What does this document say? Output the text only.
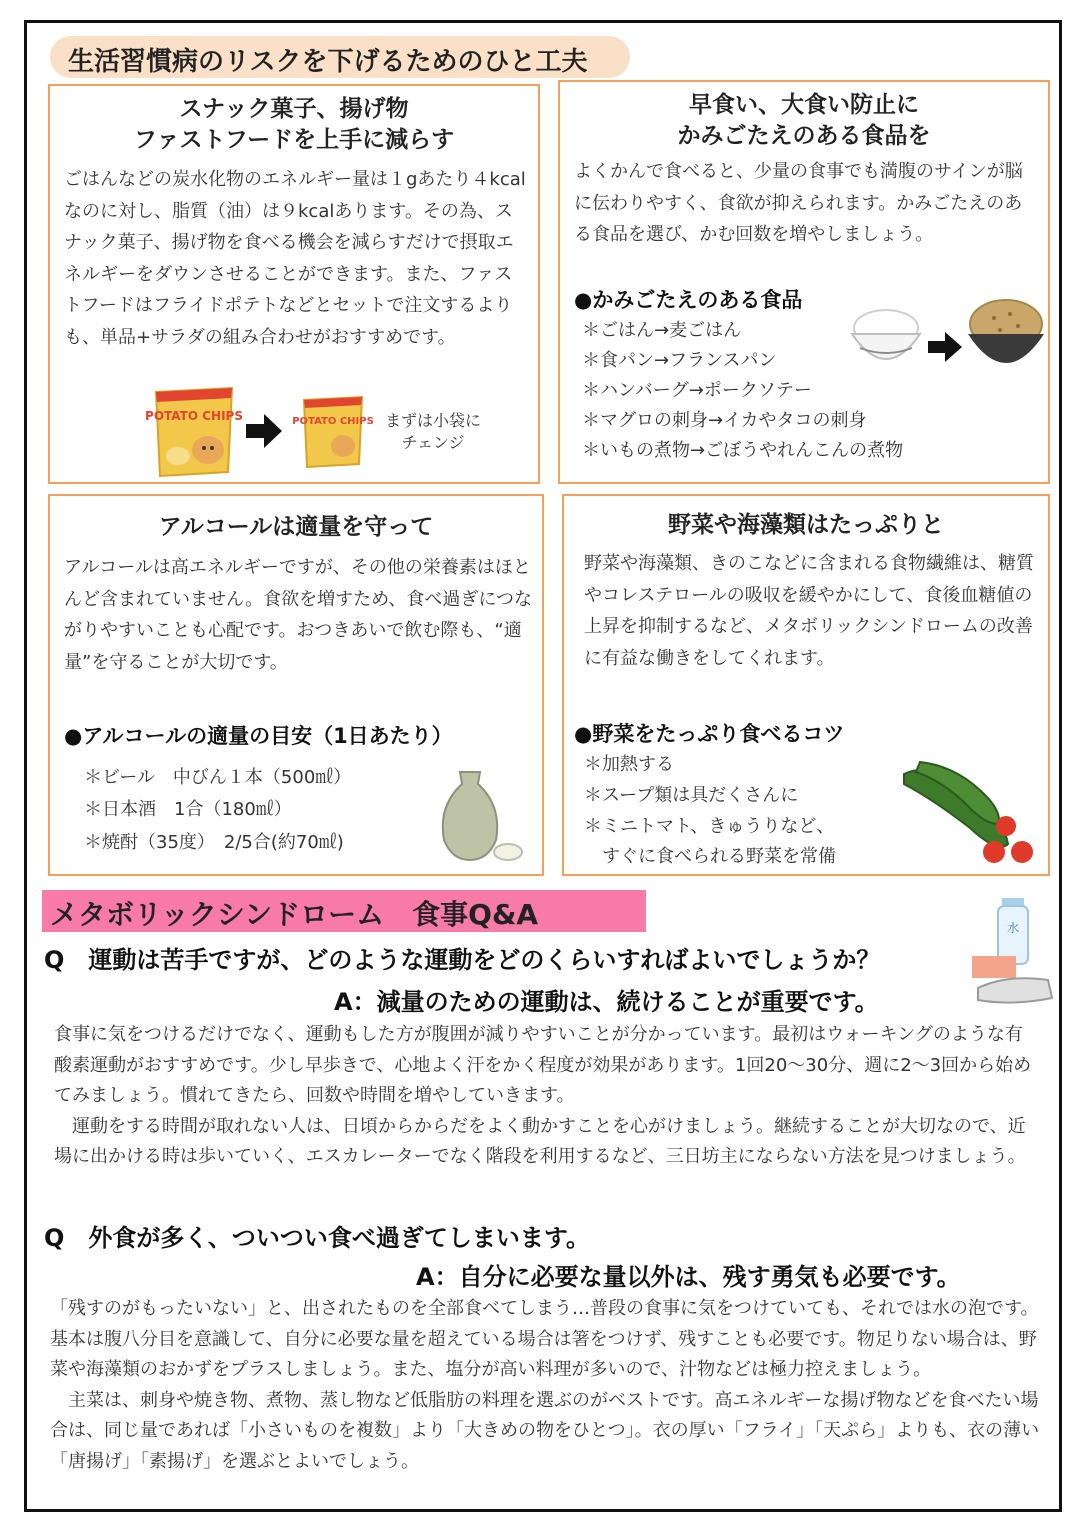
生活習慣病のリスクを下げるためのひと工夫
スナック菓子、揚げ物
ファストフードを上手に減らす
ごはんなどの炭水化物のエネルギー量は１gあたり４kcalなのに対し、脂質（油）は９kcalあります。その為、スナック菓子、揚げ物を食べる機会を減らすだけで摂取エネルギーをダウンさせることができます。また、ファストフードはフライドポテトなどとセットで注文するよりも、単品+サラダの組み合わせがおすすめです。
POTATO CHIPS	POTATO CHIPS まずは小袋に
チェンジ
早食い、大食い防止に
かみごたえのある食品を
よくかんで食べると、少量の食事でも満腹のサインが脳に伝わりやすく、食欲が抑えられます。かみごたえのある食品を選び、かむ回数を増やしましょう。
●かみごたえのある食品
＊ごはん→麦ごはん
＊食パン→フランスパン
＊ハンバーグ→ポークソテー
＊マグロの刺身→イカやタコの刺身
＊いもの煮物→ごぼうやれんこんの煮物
アルコールは適量を守って
アルコールは高エネルギーですが、その他の栄養素はほとんど含まれていません。食欲を増すため、食べ過ぎにつながりやすいことも心配です。おつきあいで飲む際も、“適量”を守ることが大切です。
●アルコールの適量の目安（1日あたり）
＊ビール　中びん１本（500㎖）
＊日本酒　1合（180㎖）
＊焼酎（35度）　2/5合(約70㎖)
野菜や海藻類はたっぷりと
野菜や海藻類、きのこなどに含まれる食物繊維は、糖質やコレステロールの吸収を緩やかにして、食後血糖値の上昇を抑制するなど、メタボリックシンドロームの改善に有益な働きをしてくれます。
●野菜をたっぷり食べるコツ
＊加熱する
＊スープ類は具だくさんに
＊ミニトマト、きゅうりなど、
　すぐに食べられる野菜を常備
メタボリックシンドローム　食事Q&A
Q　運動は苦手ですが、どのような運動をどのくらいすればよいでしょうか？
A：減量のための運動は、続けることが重要です。
水

食事に気をつけるだけでなく、運動もした方が腹囲が減りやすいことが分かっています。最初はウォーキングのような有酸素運動がおすすめです。少し早歩きで、心地よく汗をかく程度が効果があります。1回20～30分、週に2～3回から始めてみましょう。慣れてきたら、回数や時間を増やしていきます。

　運動をする時間が取れない人は、日頃からからだをよく動かすことを心がけましょう。継続することが大切なので、近場に出かける時は歩いていく、エスカレーターでなく階段を利用するなど、三日坊主にならない方法を見つけましょう。

Q　外食が多く、ついつい食べ過ぎてしまいます。
A：自分に必要な量以外は、残す勇気も必要です。

「残すのがもったいない」と、出されたものを全部食べてしまう…普段の食事に気をつけていても、それでは水の泡です。基本は腹八分目を意識して、自分に必要な量を超えている場合は箸をつけず、残すことも必要です。物足りない場合は、野菜や海藻類のおかずをプラスしましょう。また、塩分が高い料理が多いので、汁物などは極力控えましょう。

　主菜は、刺身や焼き物、煮物、蒸し物など低脂肪の料理を選ぶのがベストです。高エネルギーな揚げ物などを食べたい場合は、同じ量であれば「小さいものを複数」より「大きめの物をひとつ」。衣の厚い「フライ」「天ぷら」よりも、衣の薄い「唐揚げ」「素揚げ」を選ぶとよいでしょう。
